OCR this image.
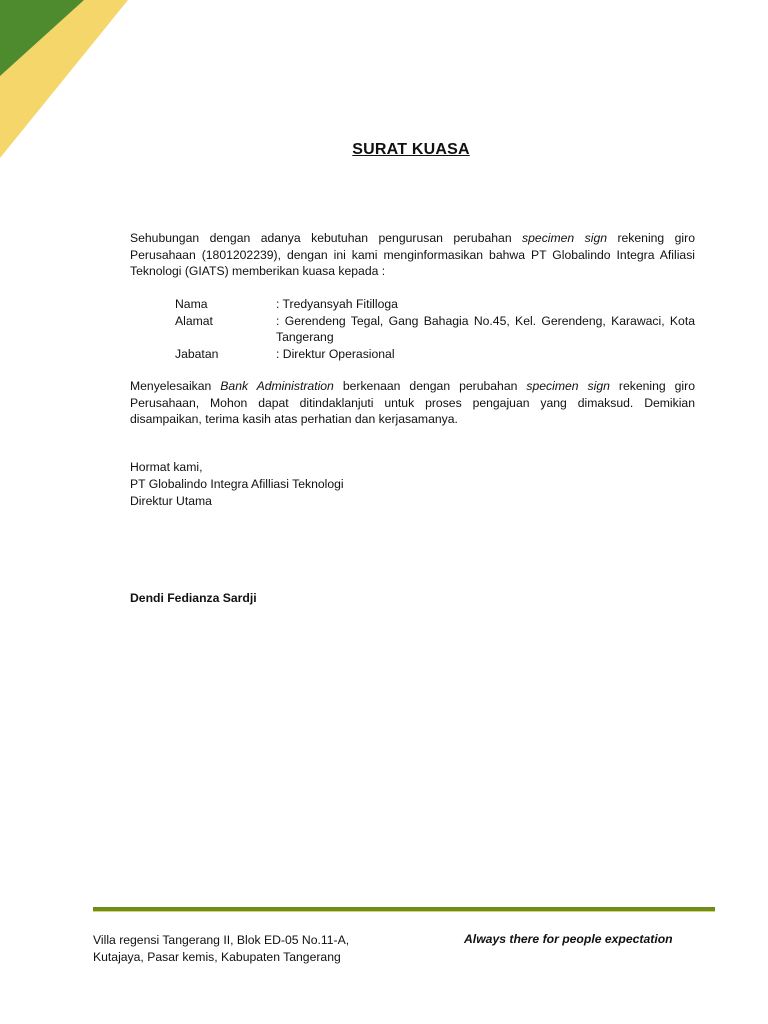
SURAT KUASA
Sehubungan dengan adanya kebutuhan pengurusan perubahan specimen sign rekening giro Perusahaan (1801202239), dengan ini kami menginformasikan bahwa PT Globalindo Integra Afiliasi Teknologi (GIATS) memberikan kuasa kepada :
Nama	: Tredyansyah Fitilloga
Alamat	: Gerendeng Tegal, Gang Bahagia No.45, Kel. Gerendeng, Karawaci, Kota Tangerang
Jabatan	: Direktur Operasional
Menyelesaikan Bank Administration berkenaan dengan perubahan specimen sign rekening giro Perusahaan, Mohon dapat ditindaklanjuti untuk proses pengajuan yang dimaksud. Demikian disampaikan, terima kasih atas perhatian dan kerjasamanya.
Hormat kami,
PT Globalindo Integra Afilliasi Teknologi
Direktur Utama
Dendi Fedianza Sardji
Villa regensi Tangerang II, Blok ED-05 No.11-A,
Kutajaya, Pasar kemis, Kabupaten Tangerang
Always there for people expectation
